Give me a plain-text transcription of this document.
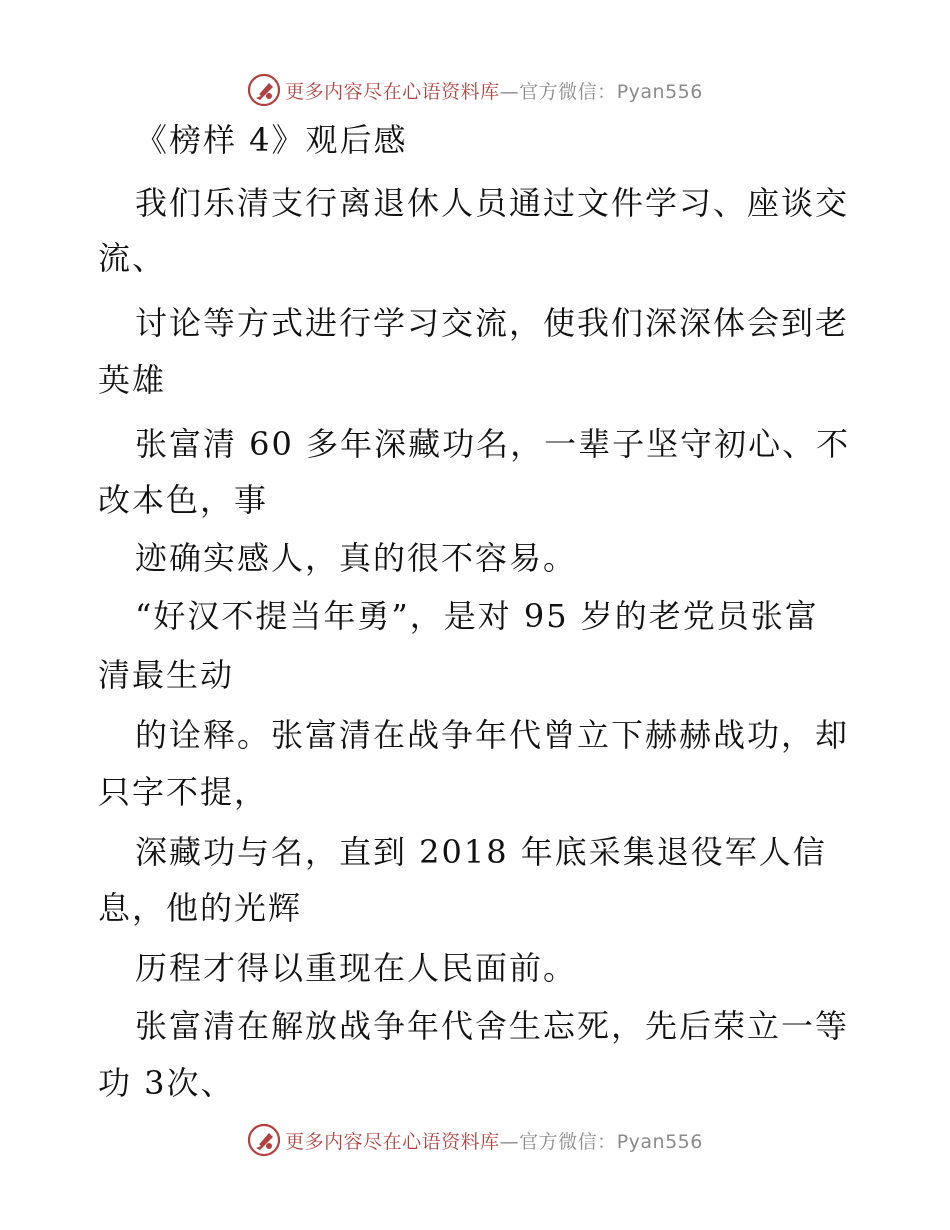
更多内容尽在心语资料库—官方微信：Pyan556
《榜样 4》观后感
我们乐清支行离退休人员通过文件学习、座谈交
流、
讨论等方式进行学习交流，使我们深深体会到老
英雄
张富清 60 多年深藏功名，一辈子坚守初心、不
改本色，事
迹确实感人，真的很不容易。
“好汉不提当年勇”，是对 95 岁的老党员张富
清最生动
的诠释。张富清在战争年代曾立下赫赫战功，却
只字不提，
深藏功与名，直到 2018 年底采集退役军人信
息，他的光辉
历程才得以重现在人民面前。
张富清在解放战争年代舍生忘死，先后荣立一等
功 3次、
更多内容尽在心语资料库—官方微信：Pyan556
